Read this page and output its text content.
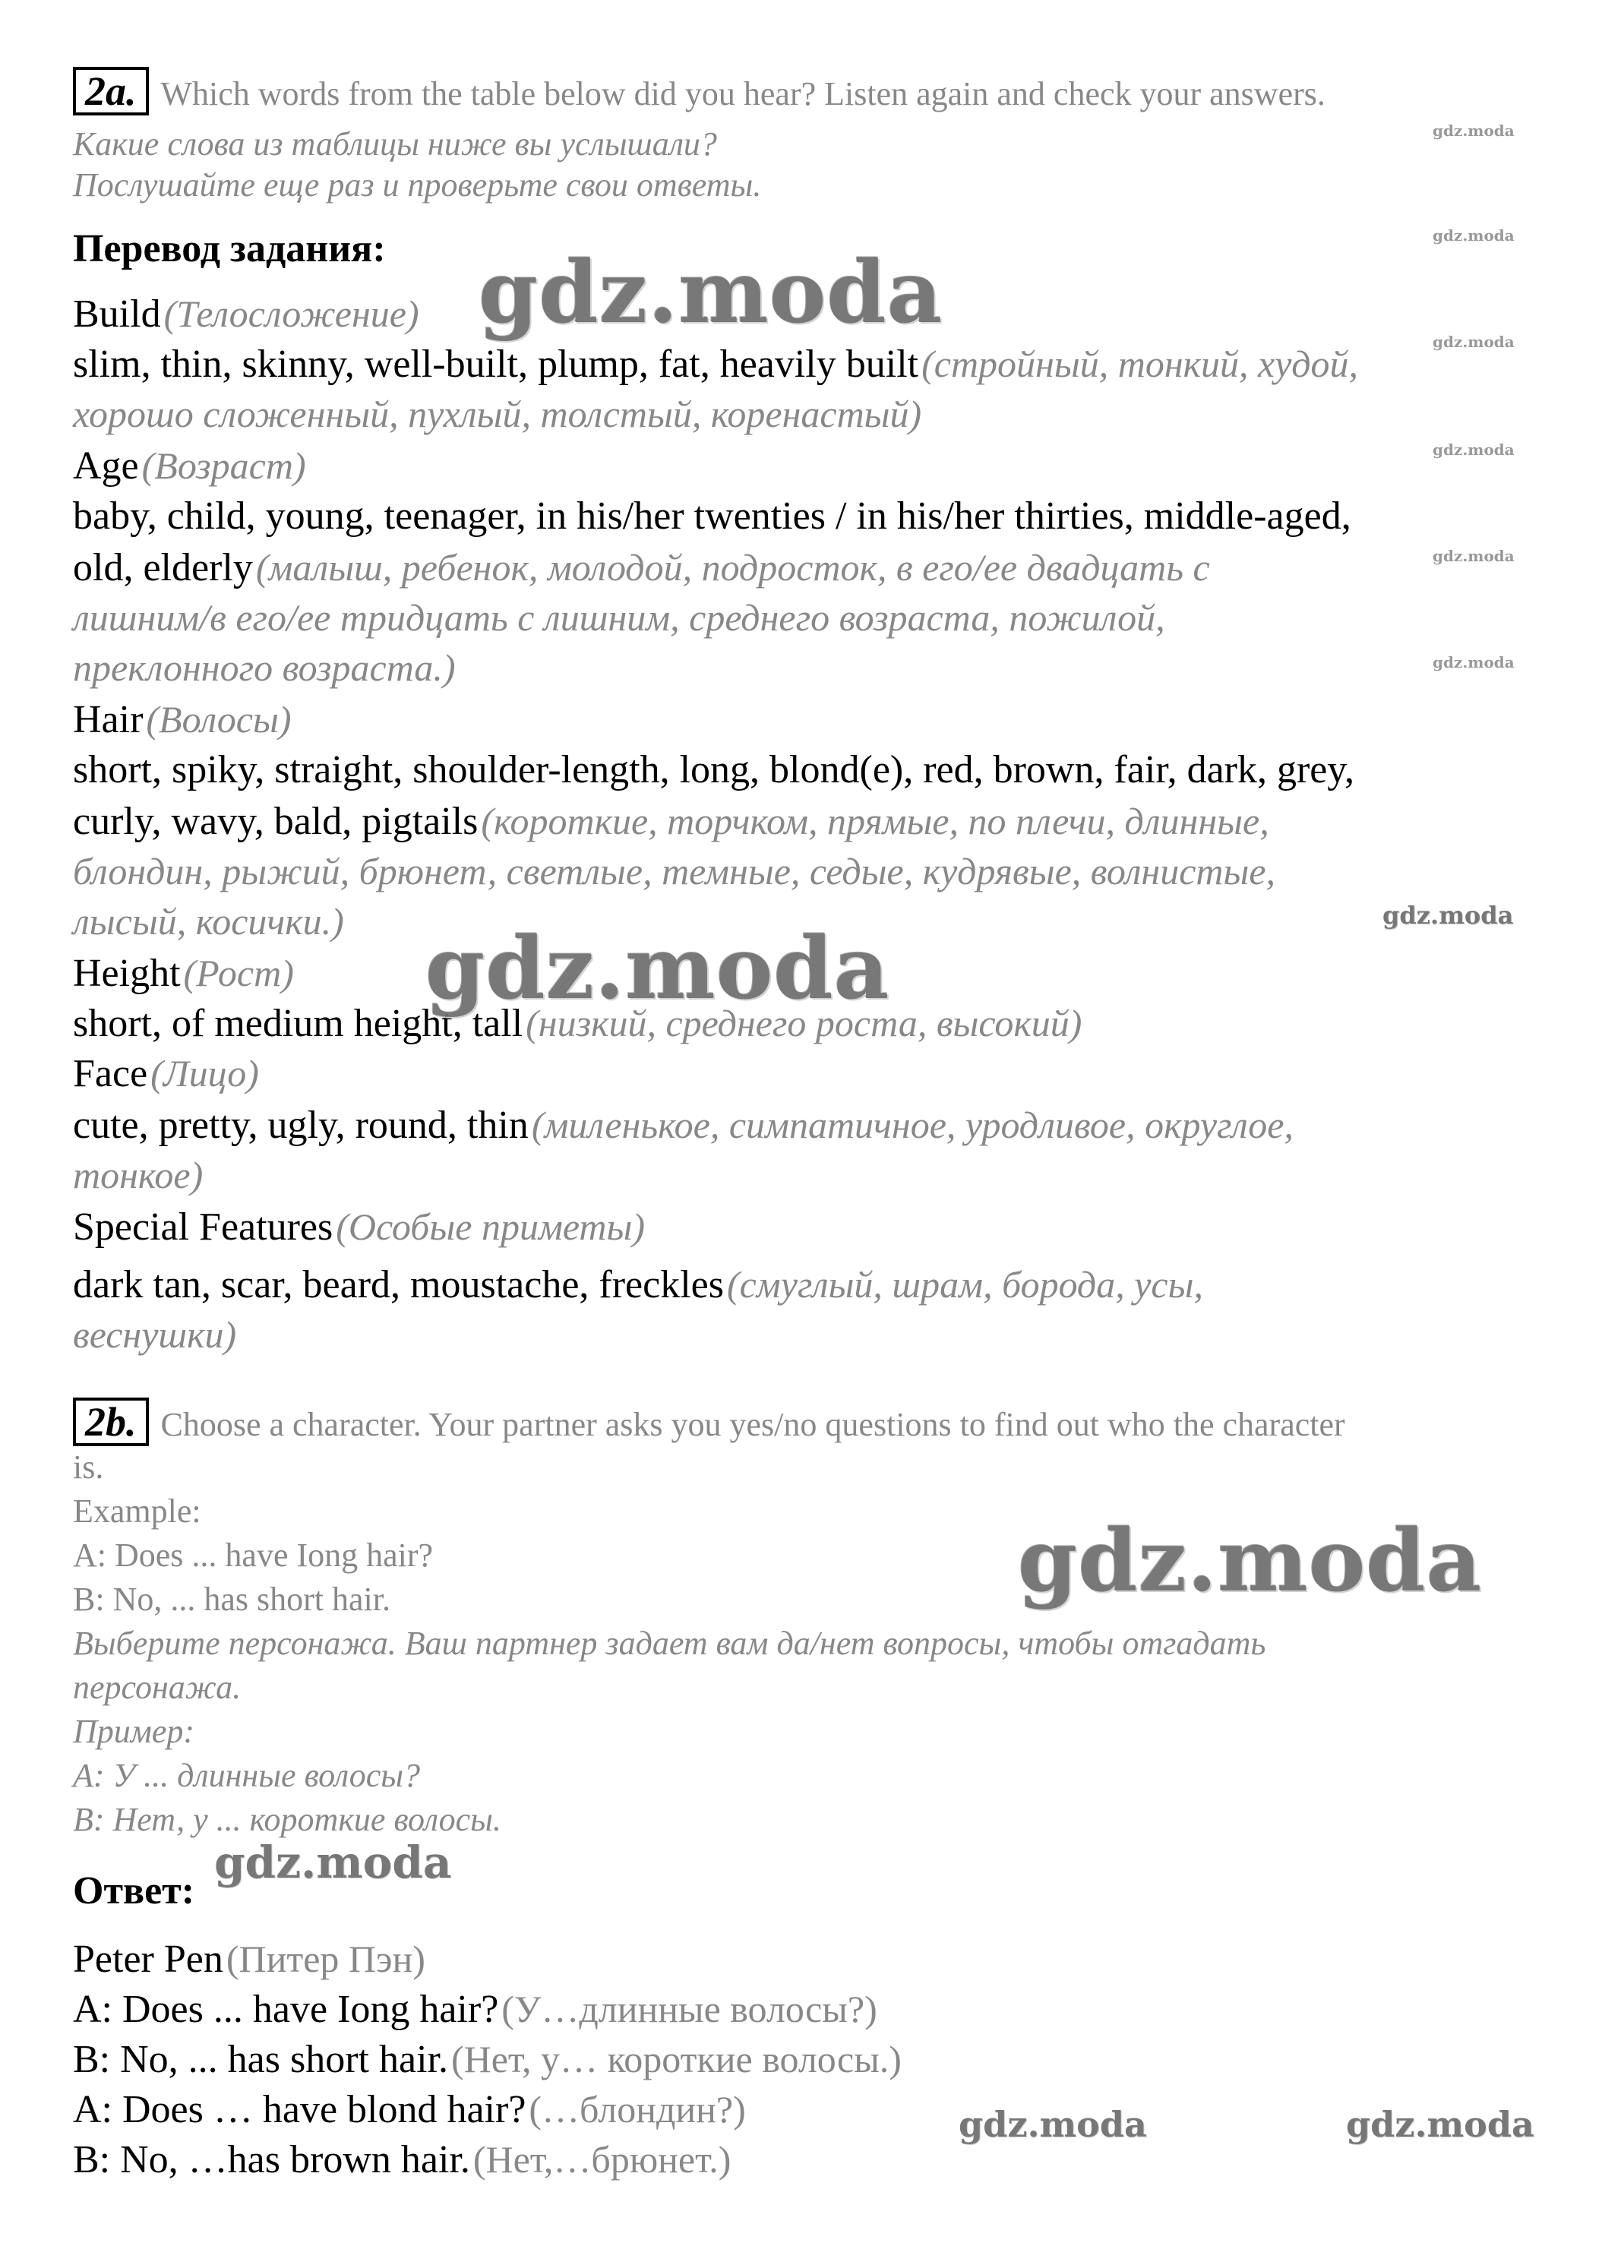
2a. Which words from the table below did you hear? Listen again and check your answers.
Какие слова из таблицы ниже вы услышали?
Послушайте еще раз и проверьте свои ответы.
Перевод задания:
Build (Телосложение)
slim, thin, skinny, well-built, plump, fat, heavily built (стройный, тонкий, худой,
хорошо сложенный, пухлый, толстый, коренастый)
Age (Возраст)
baby, child, young, teenager, in his/her twenties / in his/her thirties, middle-aged,
old, elderly (малыш, ребенок, молодой, подросток, в его/ее двадцать с
лишним/в его/ее тридцать с лишним, среднего возраста, пожилой,
преклонного возраста.)
Hair (Волосы)
short, spiky, straight, shoulder-length, long, blond(e), red, brown, fair, dark, grey,
curly, wavy, bald, pigtails (короткие, торчком, прямые, по плечи, длинные,
блондин, рыжий, брюнет, светлые, темные, седые, кудрявые, волнистые,
лысый, косички.)
Height (Рост)
short, of medium height, tall (низкий, среднего роста, высокий)
Face (Лицо)
cute, pretty, ugly, round, thin (миленькое, симпатичное, уродливое, округлое,
тонкое)
Special Features (Особые приметы)
dark tan, scar, beard, moustache, freckles (смуглый, шрам, борода, усы,
веснушки)
2b. Choose a character. Your partner asks you yes/no questions to find out who the character
is.
Example:
A: Does ... have Iong hair?
B: No, ... has short hair.
Выберите персонажа. Ваш партнер задает вам да/нет вопросы, чтобы отгадать
персонажа.
Пример:
A: У ... длинные волосы?
B: Нет, у ... короткие волосы.
Ответ:
Peter Pen (Питер Пэн)
A: Does ... have Iong hair? (У…длинные волосы?)
B: No, ... has short hair. (Нет, у… короткие волосы.)
A: Does … have blond hair? (…блондин?)
B: No, …has brown hair. (Нет,…брюнет.)
gdz.moda
gdz.moda
gdz.moda
gdz.moda
gdz.moda	gdz.moda
gdz.moda
gdz.moda
gdz.moda
gdz.moda
gdz.moda
gdz.moda
gdz.moda
